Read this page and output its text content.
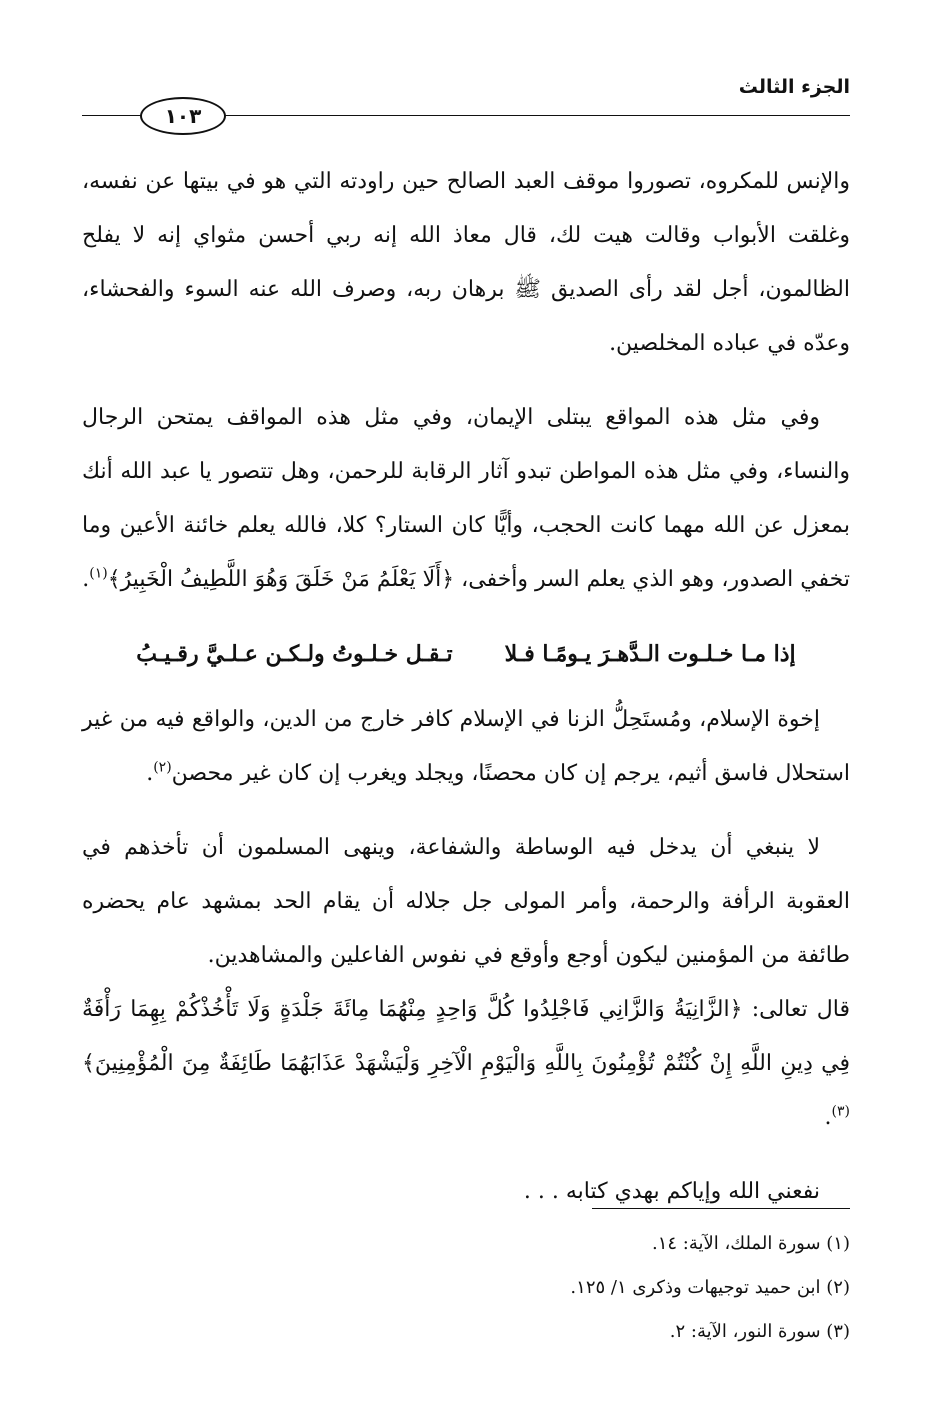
الجزء الثالث
١٠٣

والإنس للمكروه، تصوروا موقف العبد الصالح حين راودته التي هو في بيتها عن نفسه، وغلقت الأبواب وقالت هيت لك، قال معاذ الله إنه ربي أحسن مثواي إنه لا يفلح الظالمون، أجل لقد رأى الصديق ﷺ برهان ربه، وصرف الله عنه السوء والفحشاء، وعدّه في عباده المخلصين.

وفي مثل هذه المواقع يبتلى الإيمان، وفي مثل هذه المواقف يمتحن الرجال والنساء، وفي مثل هذه المواطن تبدو آثار الرقابة للرحمن، وهل تتصور يا عبد الله أنك بمعزل عن الله مهما كانت الحجب، وأيًّا كان الستار؟ كلا، فالله يعلم خائنة الأعين وما تخفي الصدور، وهو الذي يعلم السر وأخفى، ﴿أَلَا يَعْلَمُ مَنْ خَلَقَ وَهُوَ اللَّطِيفُ الْخَبِيرُ﴾$^{(١)}$.

إذا مـا خـلـوت الـدَّهـرَ يـومًـا فـلاتـقـل خـلـوتُ ولـكـن عـلـيَّ رقـيـبُ

إخوة الإسلام، ومُستَحِلُّ الزنا في الإسلام كافر خارج من الدين، والواقع فيه من غير استحلال فاسق أثيم، يرجم إن كان محصنًا، ويجلد ويغرب إن كان غير محصن$^{(٢)}$.

لا ينبغي أن يدخل فيه الوساطة والشفاعة، وينهى المسلمون أن تأخذهم في العقوبة الرأفة والرحمة، وأمر المولى جل جلاله أن يقام الحد بمشهد عام يحضره طائفة من المؤمنين ليكون أوجع وأوقع في نفوس الفاعلين والمشاهدين.

قال تعالى: ﴿الزَّانِيَةُ وَالزَّانِي فَاجْلِدُوا كُلَّ وَاحِدٍ مِنْهُمَا مِائَةَ جَلْدَةٍ وَلَا تَأْخُذْكُمْ بِهِمَا رَأْفَةٌ فِي دِينِ اللَّهِ إِنْ كُنْتُمْ تُؤْمِنُونَ بِاللَّهِ وَالْيَوْمِ الْآخِرِ وَلْيَشْهَدْ عَذَابَهُمَا طَائِفَةٌ مِنَ الْمُؤْمِنِينَ﴾$^{(٣)}$.

نفعني الله وإياكم بهدي كتابه . . .

(١) سورة الملك، الآية: ١٤.
(٢) ابن حميد توجيهات وذكرى ١/ ١٢٥.
(٣) سورة النور، الآية: ٢.
